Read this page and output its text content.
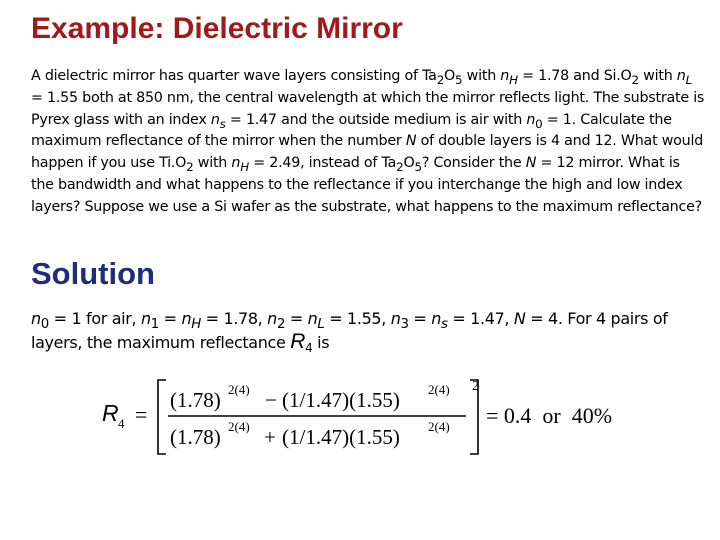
Example: Dielectric Mirror
A dielectric mirror has quarter wave layers consisting of $Ta_2O_5$ with $n_H = 1.78$ and $Si.O_2$ with $n_L = 1.55$ both at 850 nm, the central wavelength at which the mirror reflects light. The substrate is Pyrex glass with an index $n_s = 1.47$ and the outside medium is air with $n_0 = 1$. Calculate the maximum reflectance of the mirror when the number N of double layers is 4 and 12. What would happen if you use $Ti.O_2$ with $n_H = 2.49$, instead of $Ta_2O_5$? Consider the N = 12 mirror. What is the bandwidth and what happens to the reflectance if you interchange the high and low index layers? Suppose we use a Si wafer as the substrate, what happens to the maximum reflectance?
Solution
$n_0 = 1$ for air, $n_1 = n_H = 1.78$, $n_2 = n_L = 1.55$, $n_3 = n_s = 1.47$, N = 4. For 4 pairs of layers, the maximum reflectance $R_4$ is
R 4 =
2
(1.78) 2(4) − (1/1.47)(1.55) 2(4)
(1.78) 2(4) + (1/1.47)(1.55) 2(4) = 0.4  or  40%
